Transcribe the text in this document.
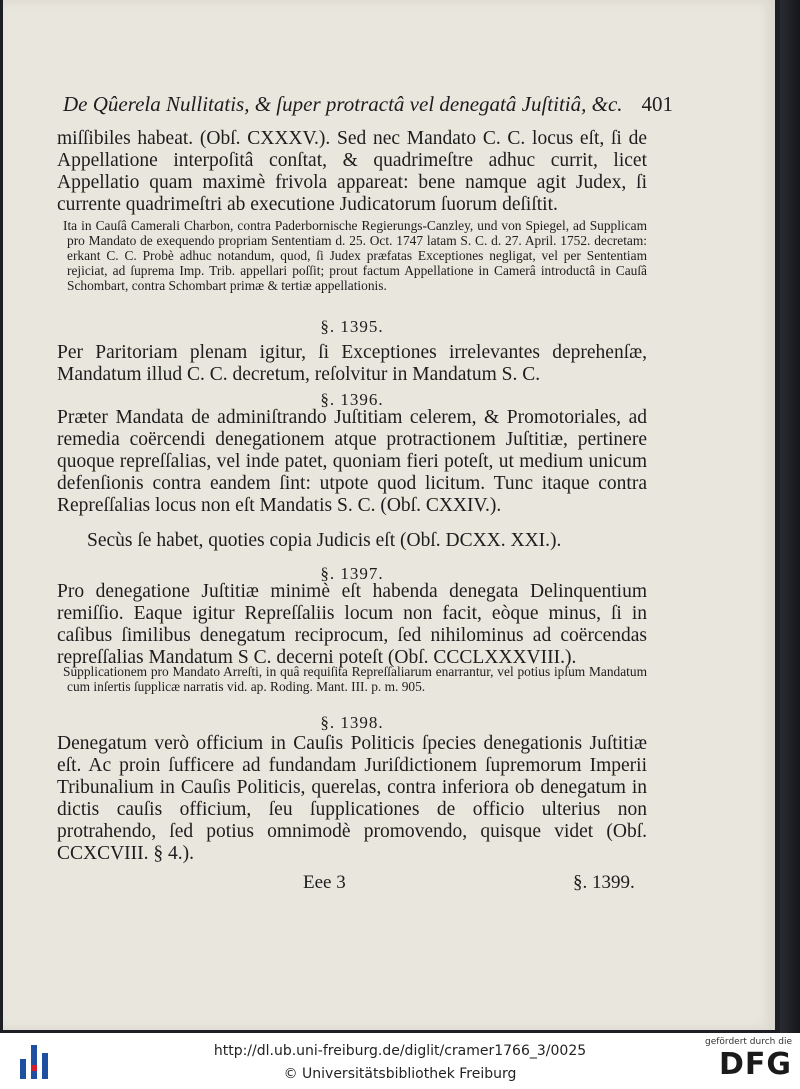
De Qûerela Nullitatis, & ſuper protractâ vel denegatâ Juſtitiâ, &c. 401

miſſibiles habeat. (Obſ. CXXXV.). Sed nec Mandato C. C. locus eſt, ſi de Appellatione interpoſitâ conſtat, & quadrimeſtre adhuc currit, licet Appellatio quam maximè frivola appareat: bene namque agit Judex, ſi currente quadrimeſtri ab executione Judicatorum ſuorum deſiſtit.

Ita in Cauſâ Camerali Charbon, contra Paderbornische Regierungs-Canzley, und von Spiegel, ad Supplicam pro Mandato de exequendo propriam Sententiam d. 25. Oct. 1747 latam S. C. d. 27. April. 1752. decretam: erkant C. C. Probè adhuc notandum, quod, ſi Judex præfatas Exceptiones negligat, vel per Sententiam rejiciat, ad ſuprema Imp. Trib. appellari poſſit; prout factum Appellatione in Camerâ introductâ in Cauſâ Schombart, contra Schombart primæ & tertiæ appellationis.

§. 1395.

Per Paritoriam plenam igitur, ſi Exceptiones irrelevantes deprehenſæ, Mandatum illud C. C. decretum, reſolvitur in Mandatum S. C.

§. 1396.

Præter Mandata de adminiſtrando Juſtitiam celerem, & Promotoriales, ad remedia coërcendi denegationem atque protractionem Juſtitiæ, pertinere quoque repreſſalias, vel inde patet, quoniam fieri poteſt, ut medium unicum defenſionis contra eandem ſint: utpote quod licitum. Tunc itaque contra Repreſſalias locus non eſt Mandatis S. C. (Obſ. CXXIV.).

Secùs ſe habet, quoties copia Judicis eſt (Obſ. DCXX. XXI.).

§. 1397.

Pro denegatione Juſtitiæ minimè eſt habenda denegata Delinquentium remiſſio. Eaque igitur Repreſſaliis locum non facit, eòque minus, ſi in caſibus ſimilibus denegatum reciprocum, ſed nihilominus ad coërcendas repreſſalias Mandatum S C. decerni poteſt (Obſ. CCCLXXXVIII.).

Supplicationem pro Mandato Arreſti, in quâ requiſita Repreſſaliarum enarrantur, vel potius ipſum Mandatum cum inſertis ſupplicæ narratis vid. ap. Roding. Mant. III. p. m. 905.

§. 1398.

Denegatum verò officium in Cauſis Politicis ſpecies denegationis Juſtitiæ eſt. Ac proin ſufficere ad fundandam Juriſdictionem ſupremorum Imperii Tribunalium in Cauſis Politicis, querelas, contra inferiora ob denegatum in dictis cauſis officium, ſeu ſupplicationes de officio ulterius non protrahendo, ſed potius omnimodè promovendo, quisque videt (Obſ. CCXCVIII. § 4.).

Eee 3	§. 1399.
http://dl.ub.uni-freiburg.de/diglit/cramer1766_3/0025
© Universitätsbibliothek Freiburg
gefördert durch die
DFG
